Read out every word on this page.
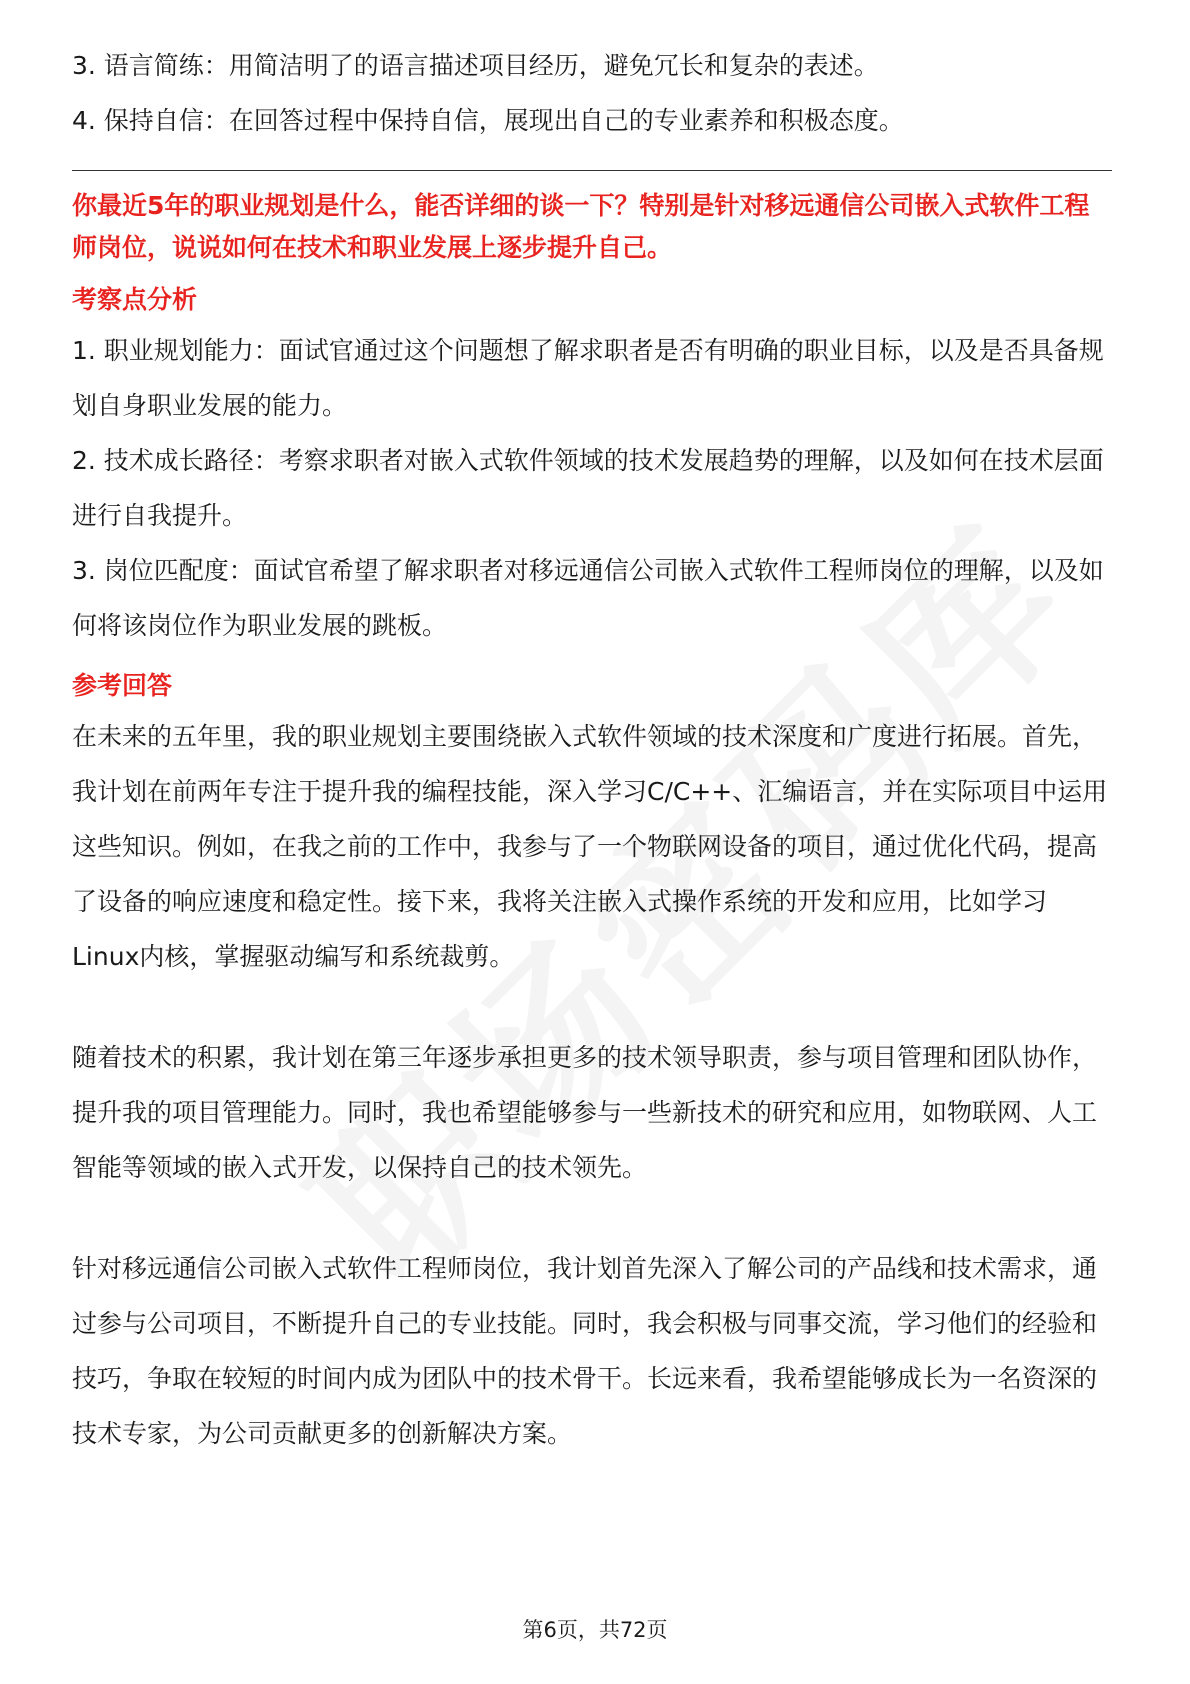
3. 语言简练：用简洁明了的语言描述项目经历，避免冗长和复杂的表述。

4. 保持自信：在回答过程中保持自信，展现出自己的专业素养和积极态度。

你最近5年的职业规划是什么，能否详细的谈一下？特别是针对移远通信公司嵌入式软件工程师岗位，说说如何在技术和职业发展上逐步提升自己。

考察点分析

1. 职业规划能力：面试官通过这个问题想了解求职者是否有明确的职业目标，以及是否具备规划自身职业发展的能力。

2. 技术成长路径：考察求职者对嵌入式软件领域的技术发展趋势的理解，以及如何在技术层面进行自我提升。

3. 岗位匹配度：面试官希望了解求职者对移远通信公司嵌入式软件工程师岗位的理解，以及如何将该岗位作为职业发展的跳板。

参考回答

在未来的五年里，我的职业规划主要围绕嵌入式软件领域的技术深度和广度进行拓展。首先，我计划在前两年专注于提升我的编程技能，深入学习C/C++、汇编语言，并在实际项目中运用这些知识。例如，在我之前的工作中，我参与了一个物联网设备的项目，通过优化代码，提高了设备的响应速度和稳定性。接下来，我将关注嵌入式操作系统的开发和应用，比如学习Linux内核，掌握驱动编写和系统裁剪。

随着技术的积累，我计划在第三年逐步承担更多的技术领导职责，参与项目管理和团队协作，提升我的项目管理能力。同时，我也希望能够参与一些新技术的研究和应用，如物联网、人工智能等领域的嵌入式开发，以保持自己的技术领先。

针对移远通信公司嵌入式软件工程师岗位，我计划首先深入了解公司的产品线和技术需求，通过参与公司项目，不断提升自己的专业技能。同时，我会积极与同事交流，学习他们的经验和技巧，争取在较短的时间内成为团队中的技术骨干。长远来看，我希望能够成长为一名资深的技术专家，为公司贡献更多的创新解决方案。

第6页，共72页
